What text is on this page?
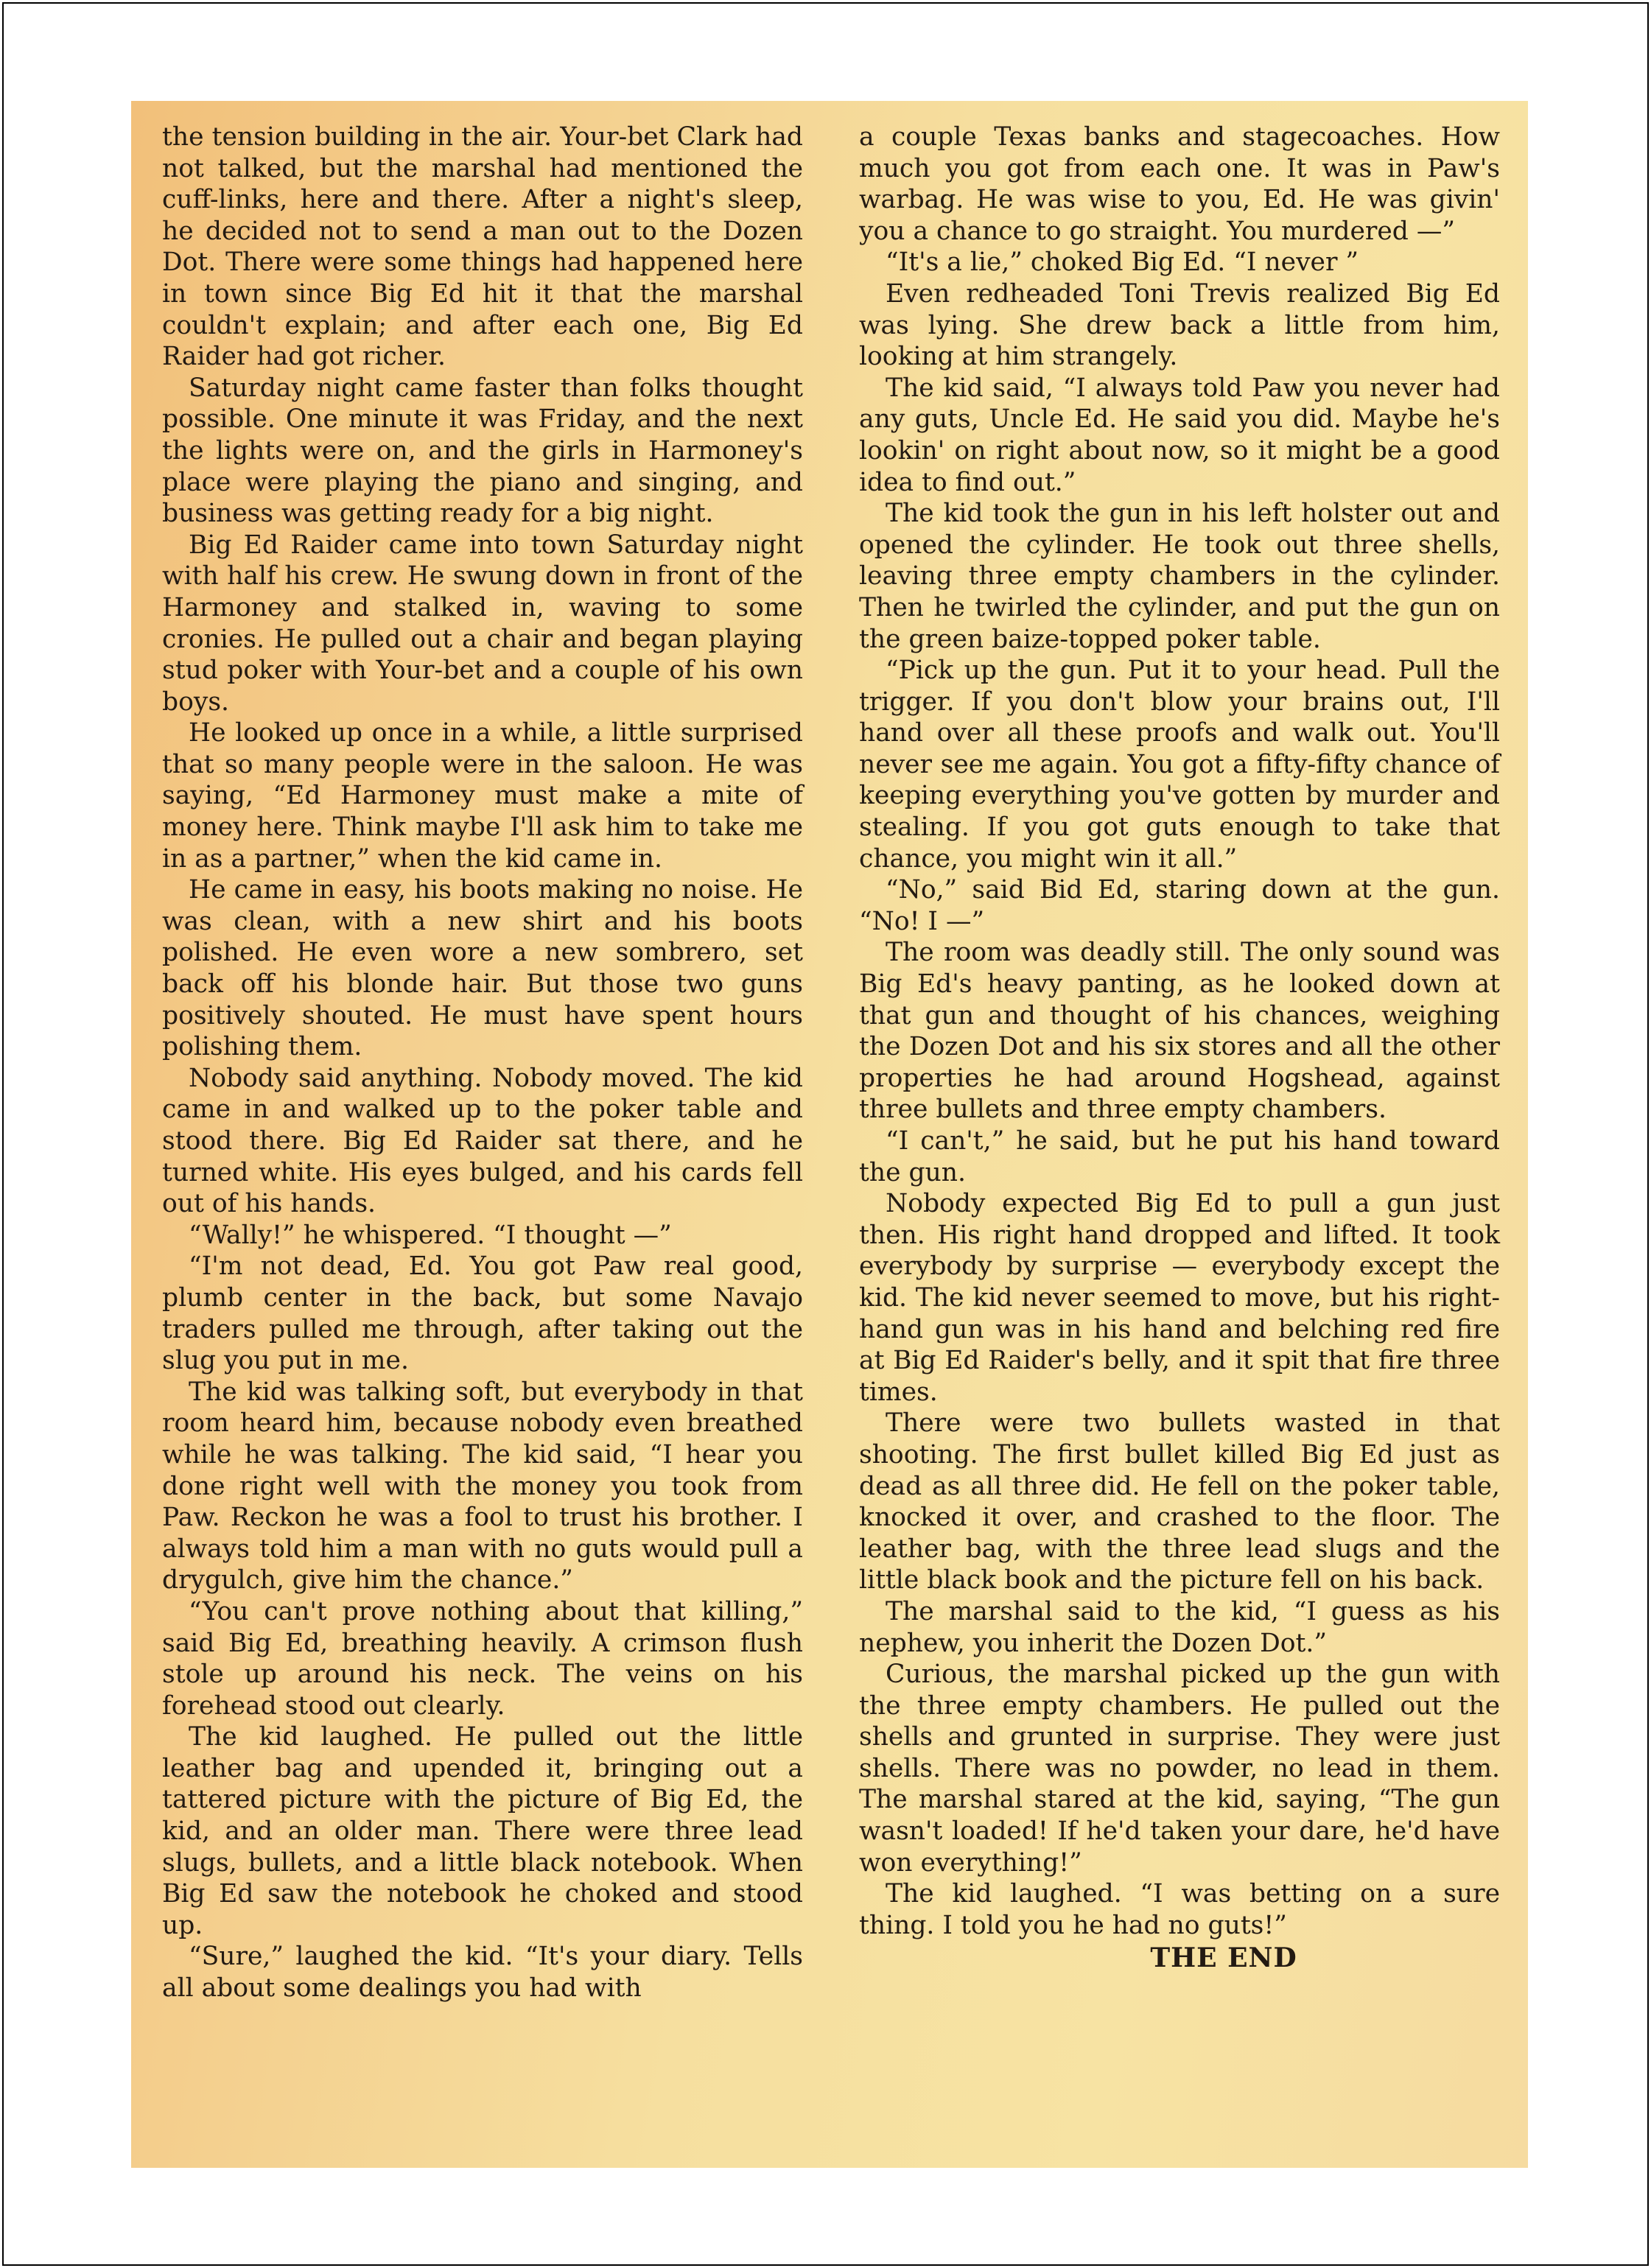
the tension building in the air. Your-bet Clark had not talked, but the marshal had mentioned the cuff-links, here and there. After a night's sleep, he decided not to send a man out to the Dozen Dot. There were some things had happened here in town since Big Ed hit it that the marshal couldn't explain; and after each one, Big Ed Raider had got richer.

Saturday night came faster than folks thought possible. One minute it was Friday, and the next the lights were on, and the girls in Harmoney's place were playing the piano and singing, and business was getting ready for a big night.

Big Ed Raider came into town Saturday night with half his crew. He swung down in front of the Harmoney and stalked in, waving to some cronies. He pulled out a chair and began playing stud poker with Your-bet and a couple of his own boys.

He looked up once in a while, a little surprised that so many people were in the saloon. He was saying, “Ed Harmoney must make a mite of money here. Think maybe I'll ask him to take me in as a partner,” when the kid came in.

He came in easy, his boots making no noise. He was clean, with a new shirt and his boots polished. He even wore a new sombrero, set back off his blonde hair. But those two guns positively shouted. He must have spent hours polishing them.

Nobody said anything. Nobody moved. The kid came in and walked up to the poker table and stood there. Big Ed Raider sat there, and he turned white. His eyes bulged, and his cards fell out of his hands.

“Wally!” he whispered. “I thought —”

“I'm not dead, Ed. You got Paw real good, plumb center in the back, but some Navajo traders pulled me through, after taking out the slug you put in me.

The kid was talking soft, but everybody in that room heard him, because nobody even breathed while he was talking. The kid said, “I hear you done right well with the money you took from Paw. Reckon he was a fool to trust his brother. I always told him a man with no guts would pull a drygulch, give him the chance.”

“You can't prove nothing about that killing,” said Big Ed, breathing heavily. A crimson flush stole up around his neck. The veins on his forehead stood out clearly.

The kid laughed. He pulled out the little leather bag and upended it, bringing out a tattered picture with the picture of Big Ed, the kid, and an older man. There were three lead slugs, bullets, and a little black notebook. When Big Ed saw the notebook he choked and stood up.

“Sure,” laughed the kid. “It's your diary. Tells all about some dealings you had with

a couple Texas banks and stagecoaches. How much you got from each one. It was in Paw's warbag. He was wise to you, Ed. He was givin' you a chance to go straight. You murdered —”

“It's a lie,” choked Big Ed. “I never ”

Even redheaded Toni Trevis realized Big Ed was lying. She drew back a little from him, looking at him strangely.

The kid said, “I always told Paw you never had any guts, Uncle Ed. He said you did. Maybe he's lookin' on right about now, so it might be a good idea to find out.”

The kid took the gun in his left holster out and opened the cylinder. He took out three shells, leaving three empty chambers in the cylinder. Then he twirled the cylinder, and put the gun on the green baize-topped poker table.

“Pick up the gun. Put it to your head. Pull the trigger. If you don't blow your brains out, I'll hand over all these proofs and walk out. You'll never see me again. You got a fifty-fifty chance of keeping everything you've gotten by murder and stealing. If you got guts enough to take that chance, you might win it all.”

“No,” said Bid Ed, staring down at the gun. “No! I —”

The room was deadly still. The only sound was Big Ed's heavy panting, as he looked down at that gun and thought of his chances, weighing the Dozen Dot and his six stores and all the other properties he had around Hogshead, against three bullets and three empty chambers.

“I can't,” he said, but he put his hand toward the gun.

Nobody expected Big Ed to pull a gun just then. His right hand dropped and lifted. It took everybody by surprise — everybody except the kid. The kid never seemed to move, but his right-hand gun was in his hand and belching red fire at Big Ed Raider's belly, and it spit that fire three times.

There were two bullets wasted in that shooting. The first bullet killed Big Ed just as dead as all three did. He fell on the poker table, knocked it over, and crashed to the floor. The leather bag, with the three lead slugs and the little black book and the picture fell on his back.

The marshal said to the kid, “I guess as his nephew, you inherit the Dozen Dot.”

Curious, the marshal picked up the gun with the three empty chambers. He pulled out the shells and grunted in surprise. They were just shells. There was no powder, no lead in them. The marshal stared at the kid, saying, “The gun wasn't loaded! If he'd taken your dare, he'd have won everything!”

The kid laughed. “I was betting on a sure thing. I told you he had no guts!”

THE END
